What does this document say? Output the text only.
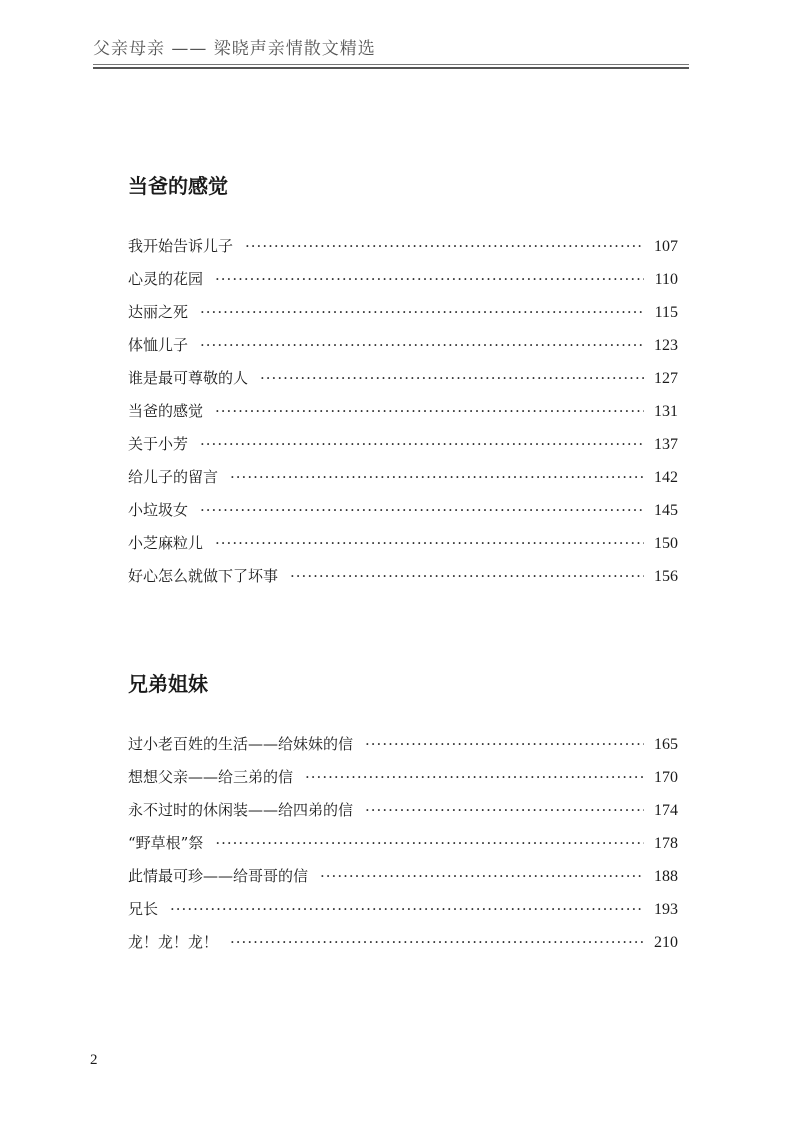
父亲母亲 —— 梁晓声亲情散文精选
当爸的感觉
我开始告诉儿子 ·····	107
心灵的花园 ·····	110
达丽之死 ·····	115
体恤儿子 ·····	123
谁是最可尊敬的人 ·····	127
当爸的感觉 ·····	131
关于小芳 ·····	137
给儿子的留言 ·····	142
小垃圾女 ·····	145
小芝麻粒儿 ·····	150
好心怎么就做下了坏事 ·····	156
兄弟姐妹
过小老百姓的生活——给妹妹的信 ·····	165
想想父亲——给三弟的信 ·····	170
永不过时的休闲装——给四弟的信 ·····	174
“野草根”祭 ·····	178
此情最可珍——给哥哥的信 ·····	188
兄长 ·····	193
龙！龙！龙！ ·····	210
2
